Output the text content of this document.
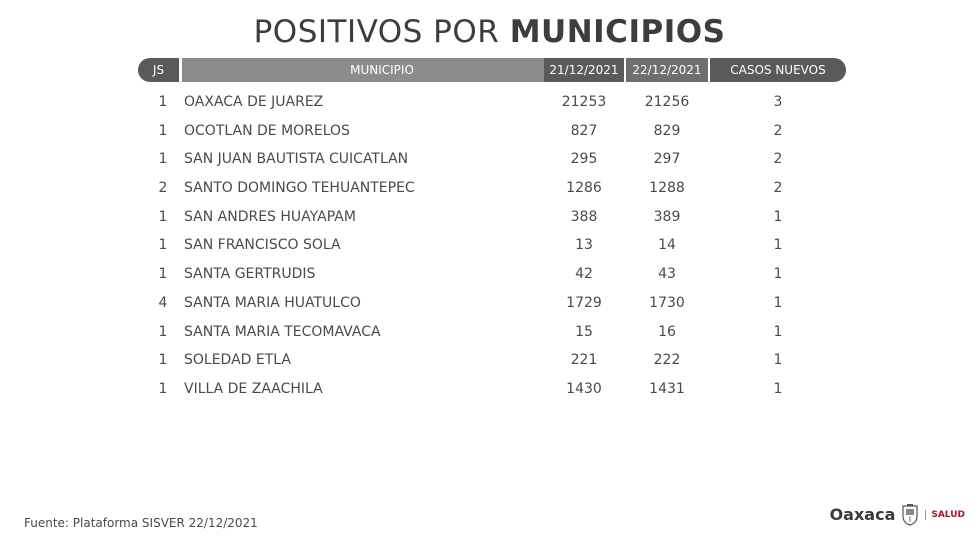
POSITIVOS POR MUNICIPIOS
JS	MUNICIPIO	21/12/2021	22/12/2021	CASOS NUEVOS
1	OAXACA DE JUAREZ	21253	21256	3
1	OCOTLAN DE MORELOS	827	829	2
1	SAN JUAN BAUTISTA CUICATLAN	295	297	2
2	SANTO DOMINGO TEHUANTEPEC	1286	1288	2
1	SAN ANDRES HUAYAPAM	388	389	1
1	SAN FRANCISCO SOLA	13	14	1
1	SANTA GERTRUDIS	42	43	1
4	SANTA MARIA HUATULCO	1729	1730	1
1	SANTA MARIA TECOMAVACA	15	16	1
1	SOLEDAD ETLA	221	222	1
1	VILLA DE ZAACHILA	1430	1431	1
Fuente: Plataforma SISVER 22/12/2021	Oaxaca	SALUD
